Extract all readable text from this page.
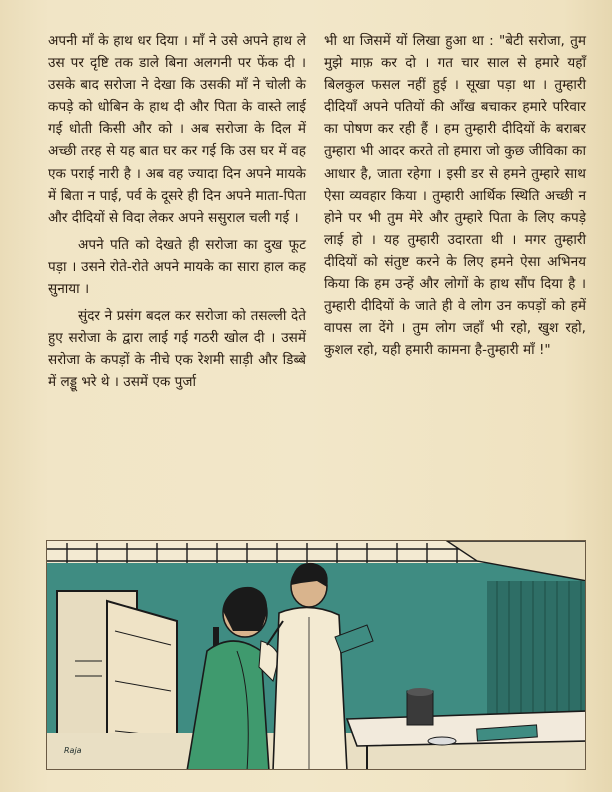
अपनी माँ के हाथ धर दिया । माँ ने उसे अपने हाथ ले उस पर दृष्टि तक डाले बिना अलगनी पर फेंक दी । उसके बाद सरोजा ने देखा कि उसकी माँ ने चोली के कपड़े को धोबिन के हाथ दी और पिता के वास्ते लाई गई धोती किसी और को । अब सरोजा के दिल में अच्छी तरह से यह बात घर कर गई कि उस घर में वह एक पराई नारी है । अब वह ज्यादा दिन अपने मायके में बिता न पाई, पर्व के दूसरे ही दिन अपने माता-पिता और दीदियों से विदा लेकर अपने ससुराल चली गई ।

अपने पति को देखते ही सरोजा का दुख फूट पड़ा । उसने रोते-रोते अपने मायके का सारा हाल कह सुनाया ।

सुंदर ने प्रसंग बदल कर सरोजा को तसल्ली देते हुए सरोजा के द्वारा लाई गई गठरी खोल दी । उसमें सरोजा के कपड़ों के नीचे एक रेशमी साड़ी और डिब्बे में लड्डू भरे थे । उसमें एक पुर्जा

भी था जिसमें यों लिखा हुआ था : "बेटी सरोजा, तुम मुझे माफ़ कर दो । गत चार साल से हमारे यहाँ बिलकुल फसल नहीं हुई । सूखा पड़ा था । तुम्हारी दीदियाँ अपने पतियों की आँख बचाकर हमारे परिवार का पोषण कर रही हैं । हम तुम्हारी दीदियों के बराबर तुम्हारा भी आदर करते तो हमारा जो कुछ जीविका का आधार है, जाता रहेगा । इसी डर से हमने तुम्हारे साथ ऐसा व्यवहार किया । तुम्हारी आर्थिक स्थिति अच्छी न होने पर भी तुम मेरे और तुम्हारे पिता के लिए कपड़े लाई हो । यह तुम्हारी उदारता थी । मगर तुम्हारी दीदियों को संतुष्ट करने के लिए हमने ऐसा अभिनय किया कि हम उन्हें और लोगों के हाथ सौंप दिया है । तुम्हारी दीदियों के जाते ही वे लोग उन कपड़ों को हमें वापस ला देंगे । तुम लोग जहाँ भी रहो, खुश रहो, कुशल रहो, यही हमारी कामना है-तुम्हारी माँ !"

Raja
